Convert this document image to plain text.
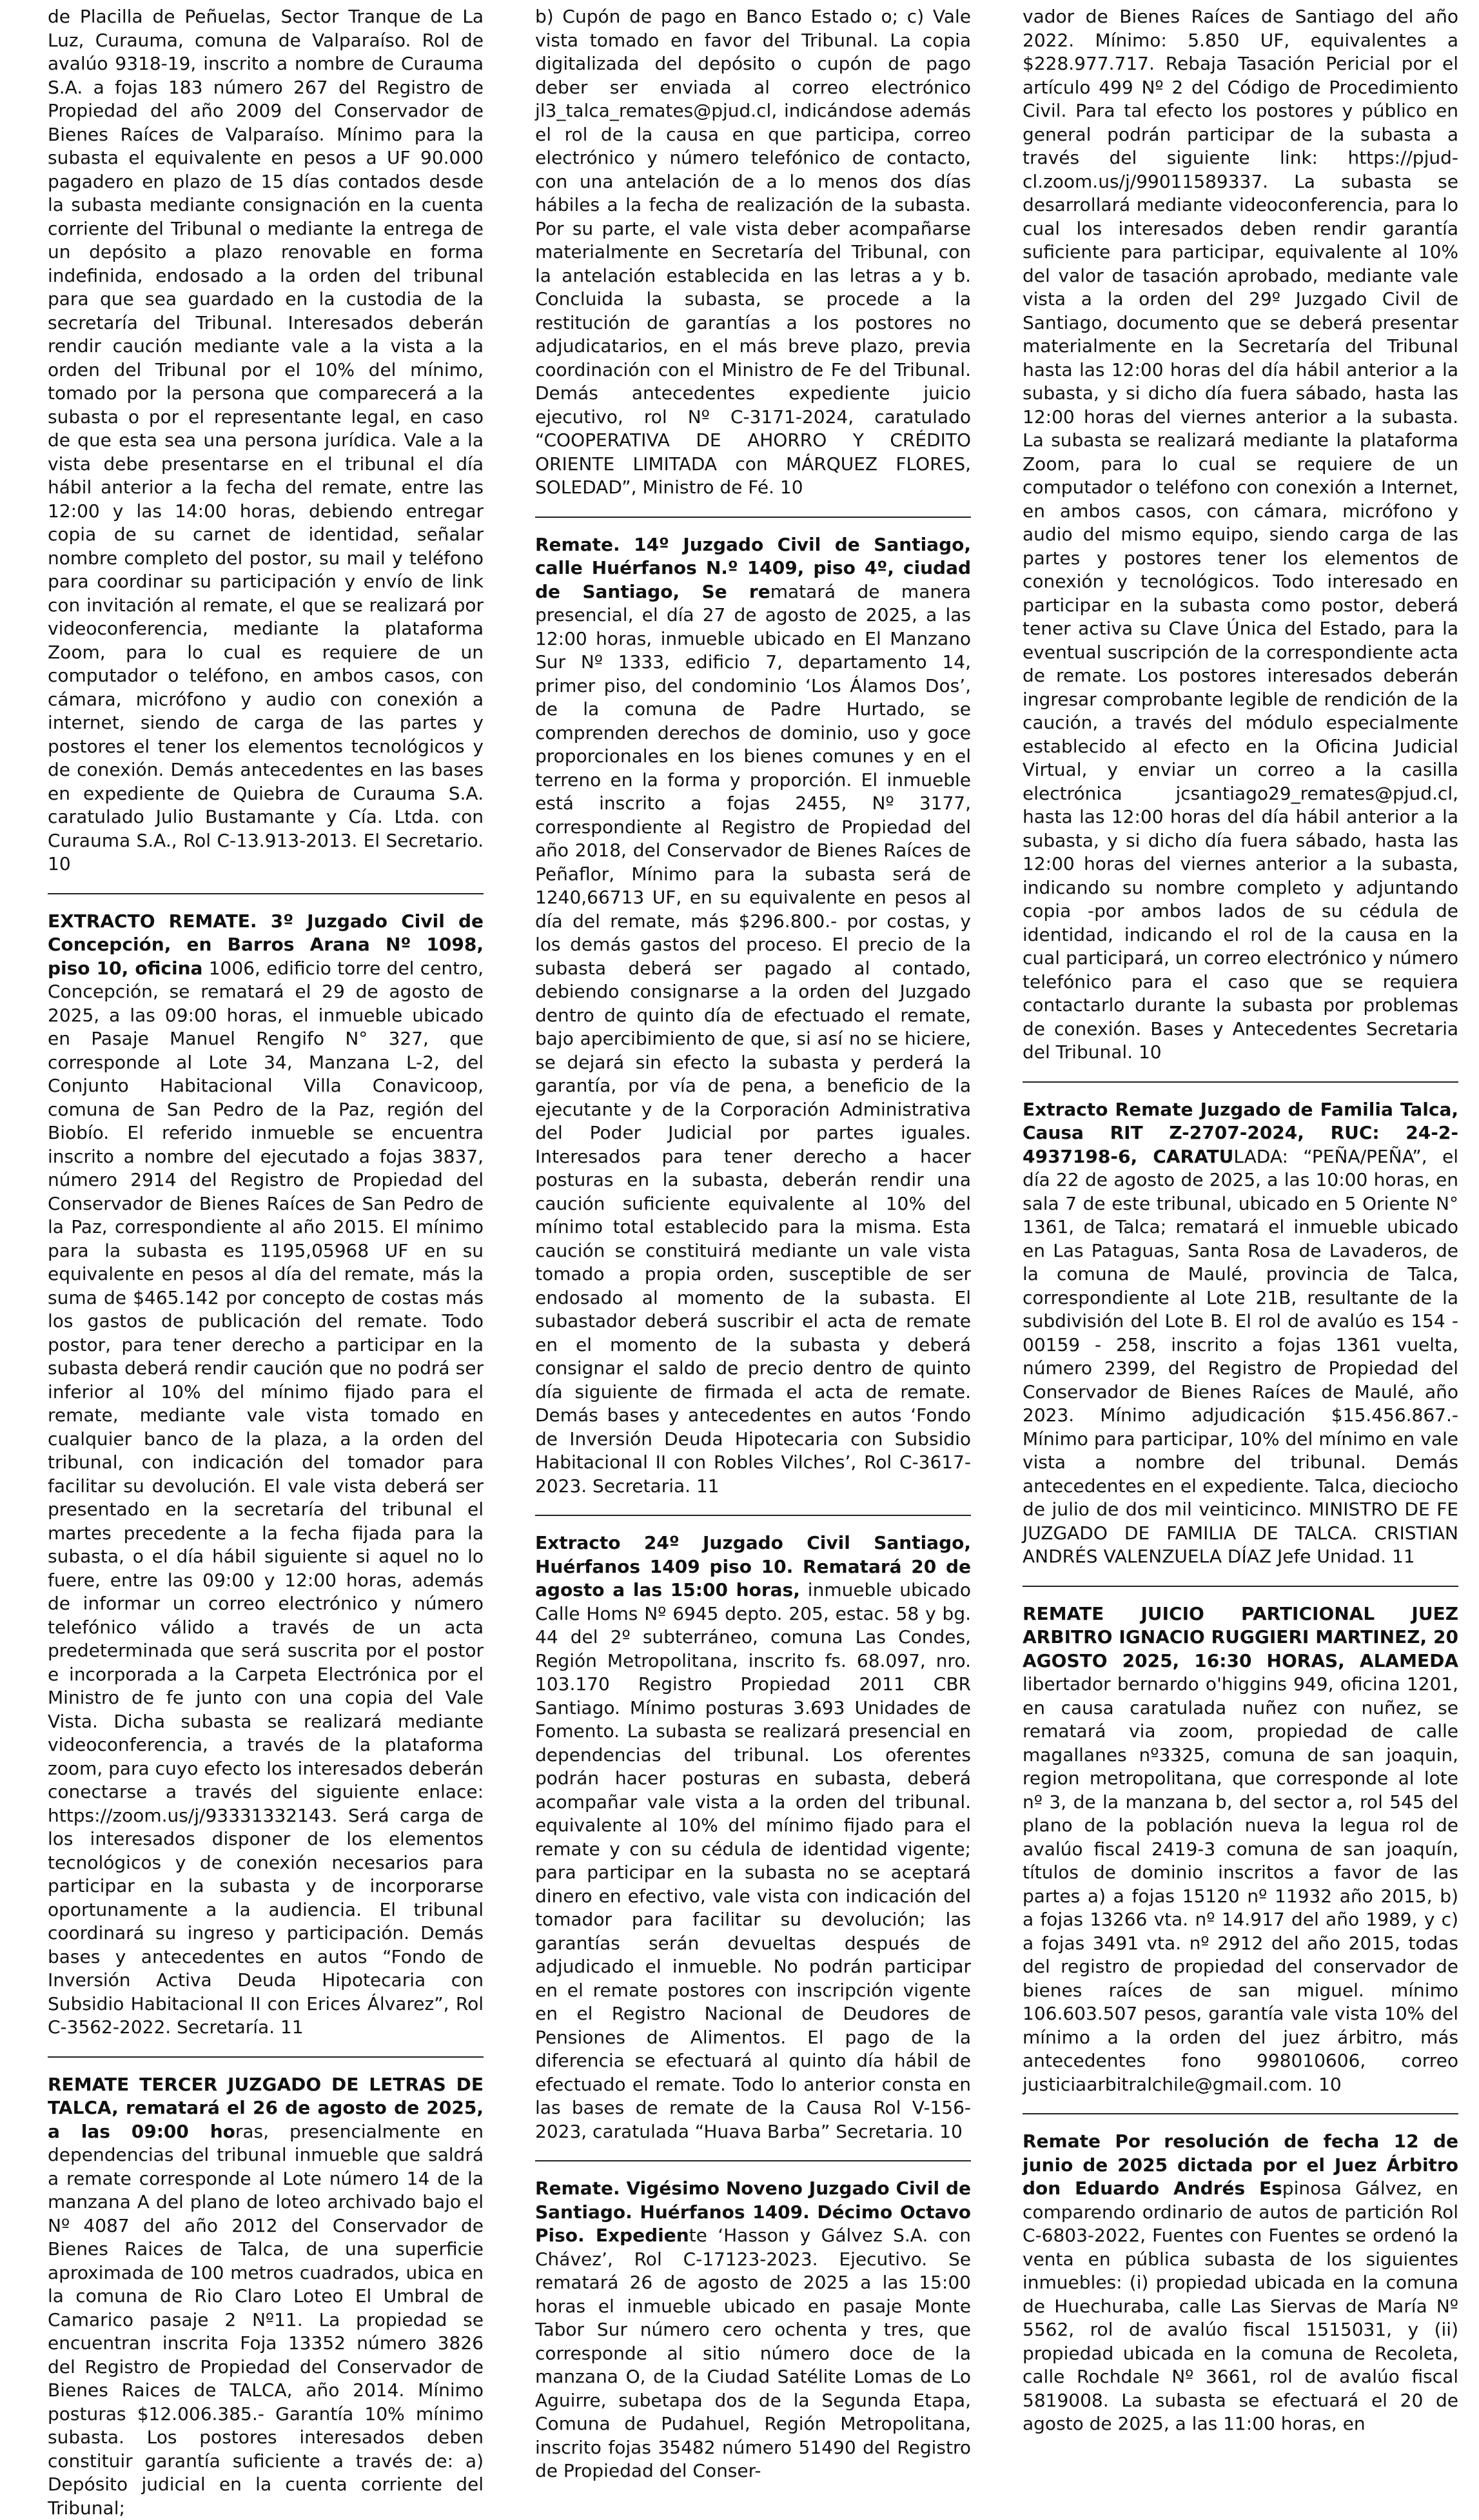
de Placilla de Peñuelas, Sector Tranque de La Luz, Curauma, comuna de Valparaíso. Rol de avalúo 9318-19, inscrito a nombre de Curauma S.A. a fojas 183 número 267 del Registro de Propiedad del año 2009 del Conservador de Bienes Raíces de Valparaíso. Mínimo para la subasta el equivalente en pesos a UF 90.000 pagadero en plazo de 15 días contados desde la subasta mediante consignación en la cuenta corriente del Tribunal o mediante la entrega de un depósito a plazo renovable en forma indefinida, endosado a la orden del tribunal para que sea guardado en la custodia de la secretaría del Tribunal. Interesados deberán rendir caución mediante vale a la vista a la orden del Tribunal por el 10% del mínimo, tomado por la persona que comparecerá a la subasta o por el representante legal, en caso de que esta sea una persona jurídica. Vale a la vista debe presentarse en el tribunal el día hábil anterior a la fecha del remate, entre las 12:00 y las 14:00 horas, debiendo entregar copia de su carnet de identidad, señalar nombre completo del postor, su mail y teléfono para coordinar su participación y envío de link con invitación al remate, el que se realizará por videoconferencia, mediante la plataforma Zoom, para lo cual es requiere de un computador o teléfono, en ambos casos, con cámara, micrófono y audio con conexión a internet, siendo de carga de las partes y postores el tener los elementos tecnológicos y de conexión. Demás antecedentes en las bases en expediente de Quiebra de Curauma S.A. caratulado Julio Bustamante y Cía. Ltda. con Curauma S.A., Rol C-13.913-2013. El Secretario. 10

EXTRACTO REMATE. 3º Juzgado Civil de Concepción, en Barros Arana Nº 1098, piso 10, oficina 1006, edificio torre del centro, Concepción, se rematará el 29 de agosto de 2025, a las 09:00 horas, el inmueble ubicado en Pasaje Manuel Rengifo N° 327, que corresponde al Lote 34, Manzana L-2, del Conjunto Habitacional Villa Conavicoop, comuna de San Pedro de la Paz, región del Biobío. El referido inmueble se encuentra inscrito a nombre del ejecutado a fojas 3837, número 2914 del Registro de Propiedad del Conservador de Bienes Raíces de San Pedro de la Paz, correspondiente al año 2015. El mínimo para la subasta es 1195,05968 UF en su equivalente en pesos al día del remate, más la suma de $465.142 por concepto de costas más los gastos de publicación del remate. Todo postor, para tener derecho a participar en la subasta deberá rendir caución que no podrá ser inferior al 10% del mínimo fijado para el remate, mediante vale vista tomado en cualquier banco de la plaza, a la orden del tribunal, con indicación del tomador para facilitar su devolución. El vale vista deberá ser presentado en la secretaría del tribunal el martes precedente a la fecha fijada para la subasta, o el día hábil siguiente si aquel no lo fuere, entre las 09:00 y 12:00 horas, además de informar un correo electrónico y número telefónico válido a través de un acta predeterminada que será suscrita por el postor e incorporada a la Carpeta Electrónica por el Ministro de fe junto con una copia del Vale Vista. Dicha subasta se realizará mediante videoconferencia, a través de la plataforma zoom, para cuyo efecto los interesados deberán conectarse a través del siguiente enlace: https://zoom.us/j/93331332143. Será carga de los interesados disponer de los elementos tecnológicos y de conexión necesarios para participar en la subasta y de incorporarse oportunamente a la audiencia. El tribunal coordinará su ingreso y participación. Demás bases y antecedentes en autos “Fondo de Inversión Activa Deuda Hipotecaria con Subsidio Habitacional II con Erices Álvarez”, Rol C-3562-2022. Secretaría. 11

REMATE TERCER JUZGADO DE LETRAS DE TALCA, rematará el 26 de agosto de 2025, a las 09:00 horas, presencialmente en dependencias del tribunal inmueble que saldrá a remate corresponde al Lote número 14 de la manzana A del plano de loteo archivado bajo el Nº 4087 del año 2012 del Conservador de Bienes Raices de Talca, de una superficie aproximada de 100 metros cuadrados, ubica en la comuna de Rio Claro Loteo El Umbral de Camarico pasaje 2 Nº11. La propiedad se encuentran inscrita Foja 13352 número 3826 del Registro de Propiedad del Conservador de Bienes Raices de TALCA, año 2014. Mínimo posturas $12.006.385.- Garantía 10% mínimo subasta. Los postores interesados deben constituir garantía suficiente a través de: a) Depósito judicial en la cuenta corriente del Tribunal;

b) Cupón de pago en Banco Estado o; c) Vale vista tomado en favor del Tribunal. La copia digitalizada del depósito o cupón de pago deber ser enviada al correo electrónico jl3_talca_remates@pjud.cl, indicándose además el rol de la causa en que participa, correo electrónico y número telefónico de contacto, con una antelación de a lo menos dos días hábiles a la fecha de realización de la subasta. Por su parte, el vale vista deber acompañarse materialmente en Secretaría del Tribunal, con la antelación establecida en las letras a y b. Concluida la subasta, se procede a la restitución de garantías a los postores no adjudicatarios, en el más breve plazo, previa coordinación con el Ministro de Fe del Tribunal. Demás antecedentes expediente juicio ejecutivo, rol Nº C-3171-2024, caratulado “COOPERATIVA DE AHORRO Y CRÉDITO ORIENTE LIMITADA con MÁRQUEZ FLORES, SOLEDAD”, Ministro de Fé. 10

Remate. 14º Juzgado Civil de Santiago, calle Huérfanos N.º 1409, piso 4º, ciudad de Santiago, Se rematará de manera presencial, el día 27 de agosto de 2025, a las 12:00 horas, inmueble ubicado en El Manzano Sur Nº 1333, edificio 7, departamento 14, primer piso, del condominio ‘Los Álamos Dos’, de la comuna de Padre Hurtado, se comprenden derechos de dominio, uso y goce proporcionales en los bienes comunes y en el terreno en la forma y proporción. El inmueble está inscrito a fojas 2455, Nº 3177, correspondiente al Registro de Propiedad del año 2018, del Conservador de Bienes Raíces de Peñaflor, Mínimo para la subasta será de 1240,66713 UF, en su equivalente en pesos al día del remate, más $296.800.- por costas, y los demás gastos del proceso. El precio de la subasta deberá ser pagado al contado, debiendo consignarse a la orden del Juzgado dentro de quinto día de efectuado el remate, bajo apercibimiento de que, si así no se hiciere, se dejará sin efecto la subasta y perderá la garantía, por vía de pena, a beneficio de la ejecutante y de la Corporación Administrativa del Poder Judicial por partes iguales. Interesados para tener derecho a hacer posturas en la subasta, deberán rendir una caución suficiente equivalente al 10% del mínimo total establecido para la misma. Esta caución se constituirá mediante un vale vista tomado a propia orden, susceptible de ser endosado al momento de la subasta. El subastador deberá suscribir el acta de remate en el momento de la subasta y deberá consignar el saldo de precio dentro de quinto día siguiente de firmada el acta de remate. Demás bases y antecedentes en autos ‘Fondo de Inversión Deuda Hipotecaria con Subsidio Habitacional II con Robles Vilches’, Rol C-3617-2023. Secretaria. 11

Extracto 24º Juzgado Civil Santiago, Huérfanos 1409 piso 10. Rematará 20 de agosto a las 15:00 horas, inmueble ubicado Calle Homs Nº 6945 depto. 205, estac. 58 y bg. 44 del 2º subterráneo, comuna Las Condes, Región Metropolitana, inscrito fs. 68.097, nro. 103.170 Registro Propiedad 2011 CBR Santiago. Mínimo posturas 3.693 Unidades de Fomento. La subasta se realizará presencial en dependencias del tribunal. Los oferentes podrán hacer posturas en subasta, deberá acompañar vale vista a la orden del tribunal. equivalente al 10% del mínimo fijado para el remate y con su cédula de identidad vigente; para participar en la subasta no se aceptará dinero en efectivo, vale vista con indicación del tomador para facilitar su devolución; las garantías serán devueltas después de adjudicado el inmueble. No podrán participar en el remate postores con inscripción vigente en el Registro Nacional de Deudores de Pensiones de Alimentos. El pago de la diferencia se efectuará al quinto día hábil de efectuado el remate. Todo lo anterior consta en las bases de remate de la Causa Rol V-156-2023, caratulada “Huava Barba” Secretaria. 10

Remate. Vigésimo Noveno Juzgado Civil de Santiago. Huérfanos 1409. Décimo Octavo Piso. Expediente ‘Hasson y Gálvez S.A. con Chávez’, Rol C-17123-2023. Ejecutivo. Se rematará 26 de agosto de 2025 a las 15:00 horas el inmueble ubicado en pasaje Monte Tabor Sur número cero ochenta y tres, que corresponde al sitio número doce de la manzana O, de la Ciudad Satélite Lomas de Lo Aguirre, subetapa dos de la Segunda Etapa, Comuna de Pudahuel, Región Metropolitana, inscrito fojas 35482 número 51490 del Registro de Propiedad del Conser-

vador de Bienes Raíces de Santiago del año 2022. Mínimo: 5.850 UF, equivalentes a $228.977.717. Rebaja Tasación Pericial por el artículo 499 Nº 2 del Código de Procedimiento Civil. Para tal efecto los postores y público en general podrán participar de la subasta a través del siguiente link: https://pjud-cl.zoom.us/j/99011589337. La subasta se desarrollará mediante videoconferencia, para lo cual los interesados deben rendir garantía suficiente para participar, equivalente al 10% del valor de tasación aprobado, mediante vale vista a la orden del 29º Juzgado Civil de Santiago, documento que se deberá presentar materialmente en la Secretaría del Tribunal hasta las 12:00 horas del día hábil anterior a la subasta, y si dicho día fuera sábado, hasta las 12:00 horas del viernes anterior a la subasta. La subasta se realizará mediante la plataforma Zoom, para lo cual se requiere de un computador o teléfono con conexión a Internet, en ambos casos, con cámara, micrófono y audio del mismo equipo, siendo carga de las partes y postores tener los elementos de conexión y tecnológicos. Todo interesado en participar en la subasta como postor, deberá tener activa su Clave Única del Estado, para la eventual suscripción de la correspondiente acta de remate. Los postores interesados deberán ingresar comprobante legible de rendición de la caución, a través del módulo especialmente establecido al efecto en la Oficina Judicial Virtual, y enviar un correo a la casilla electrónica jcsantiago29_remates@pjud.cl, hasta las 12:00 horas del día hábil anterior a la subasta, y si dicho día fuera sábado, hasta las 12:00 horas del viernes anterior a la subasta, indicando su nombre completo y adjuntando copia -por ambos lados de su cédula de identidad, indicando el rol de la causa en la cual participará, un correo electrónico y número telefónico para el caso que se requiera contactarlo durante la subasta por problemas de conexión. Bases y Antecedentes Secretaria del Tribunal. 10

Extracto Remate Juzgado de Familia Talca, Causa RIT Z-2707-2024, RUC: 24-2-4937198-6, CARATULADA: “PEÑA/PEÑA”, el día 22 de agosto de 2025, a las 10:00 horas, en sala 7 de este tribunal, ubicado en 5 Oriente N° 1361, de Talca; rematará el inmueble ubicado en Las Pataguas, Santa Rosa de Lavaderos, de la comuna de Maulé, provincia de Talca, correspondiente al Lote 21B, resultante de la subdivisión del Lote B. El rol de avalúo es 154 - 00159 - 258, inscrito a fojas 1361 vuelta, número 2399, del Registro de Propiedad del Conservador de Bienes Raíces de Maulé, año 2023. Mínimo adjudicación $15.456.867.- Mínimo para participar, 10% del mínimo en vale vista a nombre del tribunal. Demás antecedentes en el expediente. Talca, dieciocho de julio de dos mil veinticinco. MINISTRO DE FE JUZGADO DE FAMILIA DE TALCA. CRISTIAN ANDRÉS VALENZUELA DÍAZ Jefe Unidad. 11

REMATE JUICIO PARTICIONAL JUEZ ARBITRO IGNACIO RUGGIERI MARTINEZ, 20 AGOSTO 2025, 16:30 HORAS, ALAMEDA libertador bernardo o'higgins 949, oficina 1201, en causa caratulada nuñez con nuñez, se rematará via zoom, propiedad de calle magallanes nº3325, comuna de san joaquin, region metropolitana, que corresponde al lote nº 3, de la manzana b, del sector a, rol 545 del plano de la población nueva la legua rol de avalúo fiscal 2419-3 comuna de san joaquín, títulos de dominio inscritos a favor de las partes a) a fojas 15120 nº 11932 año 2015, b) a fojas 13266 vta. nº 14.917 del año 1989, y c) a fojas 3491 vta. nº 2912 del año 2015, todas del registro de propiedad del conservador de bienes raíces de san miguel. mínimo 106.603.507 pesos, garantía vale vista 10% del mínimo a la orden del juez árbitro, más antecedentes fono 998010606, correo justiciaarbitralchile@gmail.com. 10

Remate Por resolución de fecha 12 de junio de 2025 dictada por el Juez Árbitro don Eduardo Andrés Espinosa Gálvez, en comparendo ordinario de autos de partición Rol C-6803-2022, Fuentes con Fuentes se ordenó la venta en pública subasta de los siguientes inmuebles: (i) propiedad ubicada en la comuna de Huechuraba, calle Las Siervas de María Nº 5562, rol de avalúo fiscal 1515031, y (ii) propiedad ubicada en la comuna de Recoleta, calle Rochdale Nº 3661, rol de avalúo fiscal 5819008. La subasta se efectuará el 20 de agosto de 2025, a las 11:00 horas, en
